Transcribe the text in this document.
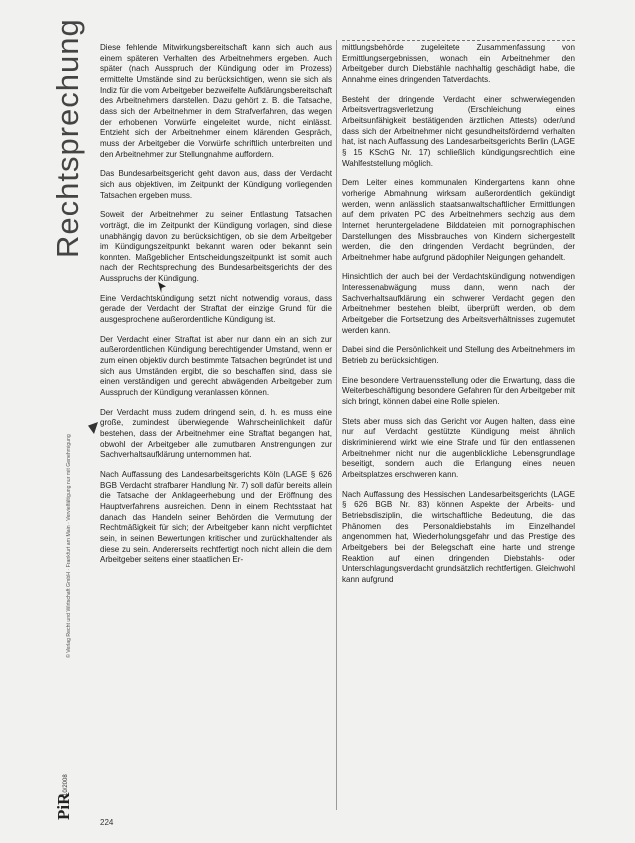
Rechtsprechung
© Verlag Recht und Wirtschaft GmbH · Frankfurt am Main · Vervielfältigung nur mit Genehmigung
10/2008
PiR

Diese fehlende Mitwirkungsbereitschaft kann sich auch aus einem späteren Verhalten des Arbeitnehmers ergeben. Auch später (nach Ausspruch der Kündigung oder im Prozess) ermittelte Umstände sind zu berücksichtigen, wenn sie sich als Indiz für die vom Arbeitgeber bezweifelte Aufklärungsbereitschaft des Arbeitnehmers darstellen. Dazu gehört z. B. die Tatsache, dass sich der Arbeitnehmer in dem Strafverfahren, das wegen der erhobenen Vorwürfe eingeleitet wurde, nicht einlässt. Entzieht sich der Arbeitnehmer einem klärenden Gespräch, muss der Arbeitgeber die Vorwürfe schriftlich unterbreiten und den Arbeitnehmer zur Stellungnahme auffordern.

Das Bundesarbeitsgericht geht davon aus, dass der Verdacht sich aus objektiven, im Zeitpunkt der Kündigung vorliegenden Tatsachen ergeben muss.

Soweit der Arbeitnehmer zu seiner Entlastung Tatsachen vorträgt, die im Zeitpunkt der Kündigung vorlagen, sind diese unabhängig davon zu berücksichtigen, ob sie dem Arbeitgeber im Kündigungszeitpunkt bekannt waren oder bekannt sein konnten. Maßgeblicher Entscheidungszeitpunkt ist somit auch nach der Rechtsprechung des Bundesarbeitsgerichts der des Ausspruchs der Kündigung.

Eine Verdachtskündigung setzt nicht notwendig voraus, dass gerade der Verdacht der Straftat der einzige Grund für die ausgesprochene außerordentliche Kündigung ist.

Der Verdacht einer Straftat ist aber nur dann ein an sich zur außerordentlichen Kündigung berechtigender Umstand, wenn er zum einen objektiv durch bestimmte Tatsachen begründet ist und sich aus Umständen ergibt, die so beschaffen sind, dass sie einen verständigen und gerecht abwägenden Arbeitgeber zum Ausspruch der Kündigung veranlassen können.

Der Verdacht muss zudem dringend sein, d. h. es muss eine große, zumindest überwiegende Wahrscheinlichkeit dafür bestehen, dass der Arbeitnehmer eine Straftat begangen hat, obwohl der Arbeitgeber alle zumutbaren Anstrengungen zur Sachverhaltsaufklärung unternommen hat.

Nach Auffassung des Landesarbeitsgerichts Köln (LAGE § 626 BGB Verdacht strafbarer Handlung Nr. 7) soll dafür bereits allein die Tatsache der Anklageerhebung und der Eröffnung des Hauptverfahrens ausreichen. Denn in einem Rechtsstaat hat danach das Handeln seiner Behörden die Vermutung der Rechtmäßigkeit für sich; der Arbeitgeber kann nicht verpflichtet sein, in seinen Bewertungen kritischer und zurückhaltender als diese zu sein. Andererseits rechtfertigt noch nicht allein die dem Arbeitgeber seitens einer staatlichen Er-

mittlungsbehörde zugeleitete Zusammenfassung von Ermittlungsergebnissen, wonach ein Arbeitnehmer den Arbeitgeber durch Diebstähle nachhaltig geschädigt habe, die Annahme eines dringenden Tatverdachts.

Besteht der dringende Verdacht einer schwerwiegenden Arbeitsvertragsverletzung (Erschleichung eines Arbeitsunfähigkeit bestätigenden ärztlichen Attests) oder/und dass sich der Arbeitnehmer nicht gesundheitsfördernd verhalten hat, ist nach Auffassung des Landesarbeitsgerichts Berlin (LAGE § 15 KSchG Nr. 17) schließlich kündigungsrechtlich eine Wahlfeststellung möglich.

Dem Leiter eines kommunalen Kindergartens kann ohne vorherige Abmahnung wirksam außerordentlich gekündigt werden, wenn anlässlich staatsanwaltschaftlicher Ermittlungen auf dem privaten PC des Arbeitnehmers sechzig aus dem Internet heruntergeladene Bilddateien mit pornographischen Darstellungen des Missbrauches von Kindern sichergestellt werden, die den dringenden Verdacht begründen, der Arbeitnehmer habe aufgrund pädophiler Neigungen gehandelt.

Hinsichtlich der auch bei der Verdachtskündigung notwendigen Interessenabwägung muss dann, wenn nach der Sachverhaltsaufklärung ein schwerer Verdacht gegen den Arbeitnehmer bestehen bleibt, überprüft werden, ob dem Arbeitgeber die Fortsetzung des Arbeitsverhältnisses zugemutet werden kann.

Dabei sind die Persönlichkeit und Stellung des Arbeitnehmers im Betrieb zu berücksichtigen.

Eine besondere Vertrauensstellung oder die Erwartung, dass die Weiterbeschäftigung besondere Gefahren für den Arbeitgeber mit sich bringt, können dabei eine Rolle spielen.

Stets aber muss sich das Gericht vor Augen halten, dass eine nur auf Verdacht gestützte Kündigung meist ähnlich diskriminierend wirkt wie eine Strafe und für den entlassenen Arbeitnehmer nicht nur die augenblickliche Lebensgrundlage beseitigt, sondern auch die Erlangung eines neuen Arbeitsplatzes erschweren kann.

Nach Auffassung des Hessischen Landesarbeitsgerichts (LAGE § 626 BGB Nr. 83) können Aspekte der Arbeits- und Betriebsdisziplin, die wirtschaftliche Bedeutung, die das Phänomen des Personaldiebstahls im Einzelhandel angenommen hat, Wiederholungsgefahr und das Prestige des Arbeitgebers bei der Belegschaft eine harte und strenge Reaktion auf einen dringenden Diebstahls- oder Unterschlagungsverdacht grundsätzlich rechtfertigen. Gleichwohl kann aufgrund

224
